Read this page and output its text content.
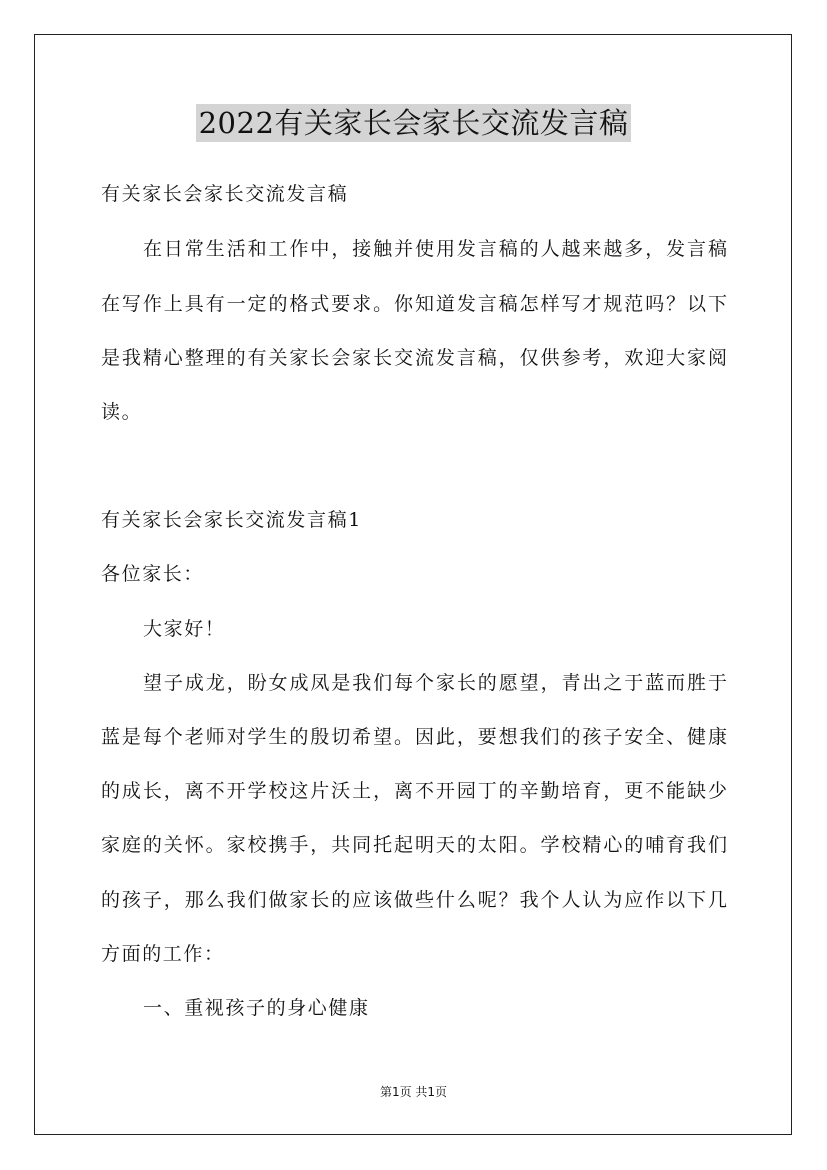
2022有关家长会家长交流发言稿
有关家长会家长交流发言稿
在日常生活和工作中，接触并使用发言稿的人越来越多，发言稿
在写作上具有一定的格式要求。你知道发言稿怎样写才规范吗？以下
是我精心整理的有关家长会家长交流发言稿，仅供参考，欢迎大家阅
读。
有关家长会家长交流发言稿1
各位家长：
大家好！
望子成龙，盼女成凤是我们每个家长的愿望，青出之于蓝而胜于
蓝是每个老师对学生的殷切希望。因此，要想我们的孩子安全、健康
的成长，离不开学校这片沃土，离不开园丁的辛勤培育，更不能缺少
家庭的关怀。家校携手，共同托起明天的太阳。学校精心的哺育我们
的孩子，那么我们做家长的应该做些什么呢？我个人认为应作以下几
方面的工作：
一、重视孩子的身心健康
第1页 共1页
